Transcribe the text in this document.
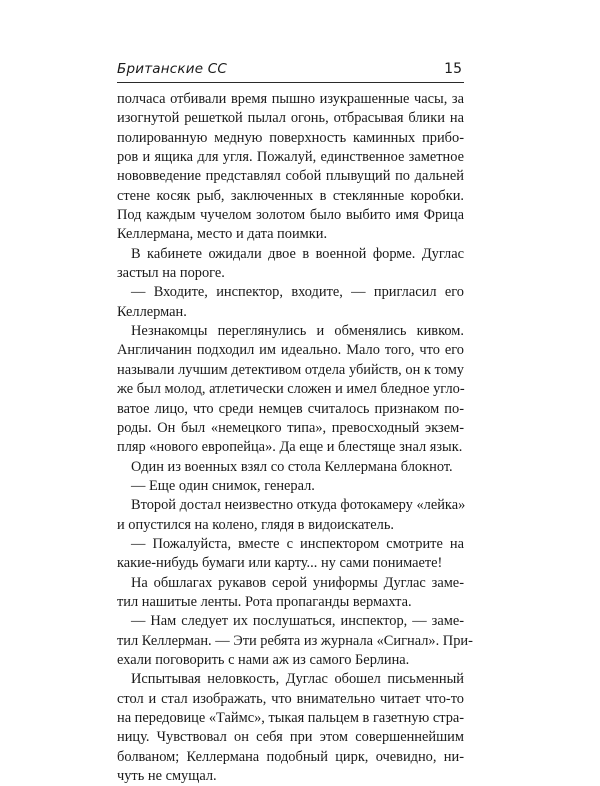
Британские СС	15

полчаса отбивали время пышно изукрашенные часы, за
изогнутой решеткой пылал огонь, отбрасывая блики на
полированную медную поверхность каминных прибо-
ров и ящика для угля. Пожалуй, единственное заметное
нововведение представлял собой плывущий по дальней
стене косяк рыб, заключенных в стеклянные коробки.
Под каждым чучелом золотом было выбито имя Фрица
Келлермана, место и дата поимки.

В кабинете ожидали двое в военной форме. Дуглас
застыл на пороге.

— Входите, инспектор, входите, — пригласил его
Келлерман.

Незнакомцы переглянулись и обменялись кивком.
Англичанин подходил им идеально. Мало того, что его
называли лучшим детективом отдела убийств, он к тому
же был молод, атлетически сложен и имел бледное угло-
ватое лицо, что среди немцев считалось признаком по-
роды. Он был «немецкого типа», превосходный экзем-
пляр «нового европейца». Да еще и блестяще знал язык.

Один из военных взял со стола Келлермана блокнот.

— Еще один снимок, генерал.

Второй достал неизвестно откуда фотокамеру «лейка»
и опустился на колено, глядя в видоискатель.

— Пожалуйста, вместе с инспектором смотрите на
какие-нибудь бумаги или карту... ну сами понимаете!

На обшлагах рукавов серой униформы Дуглас заме-
тил нашитые ленты. Рота пропаганды вермахта.

— Нам следует их послушаться, инспектор, — заме-
тил Келлерман. — Эти ребята из журнала «Сигнал». При-
ехали поговорить с нами аж из самого Берлина.

Испытывая неловкость, Дуглас обошел письменный
стол и стал изображать, что внимательно читает что-то
на передовице «Таймс», тыкая пальцем в газетную стра-
ницу. Чувствовал он себя при этом совершеннейшим
болваном; Келлермана подобный цирк, очевидно, ни-
чуть не смущал.
